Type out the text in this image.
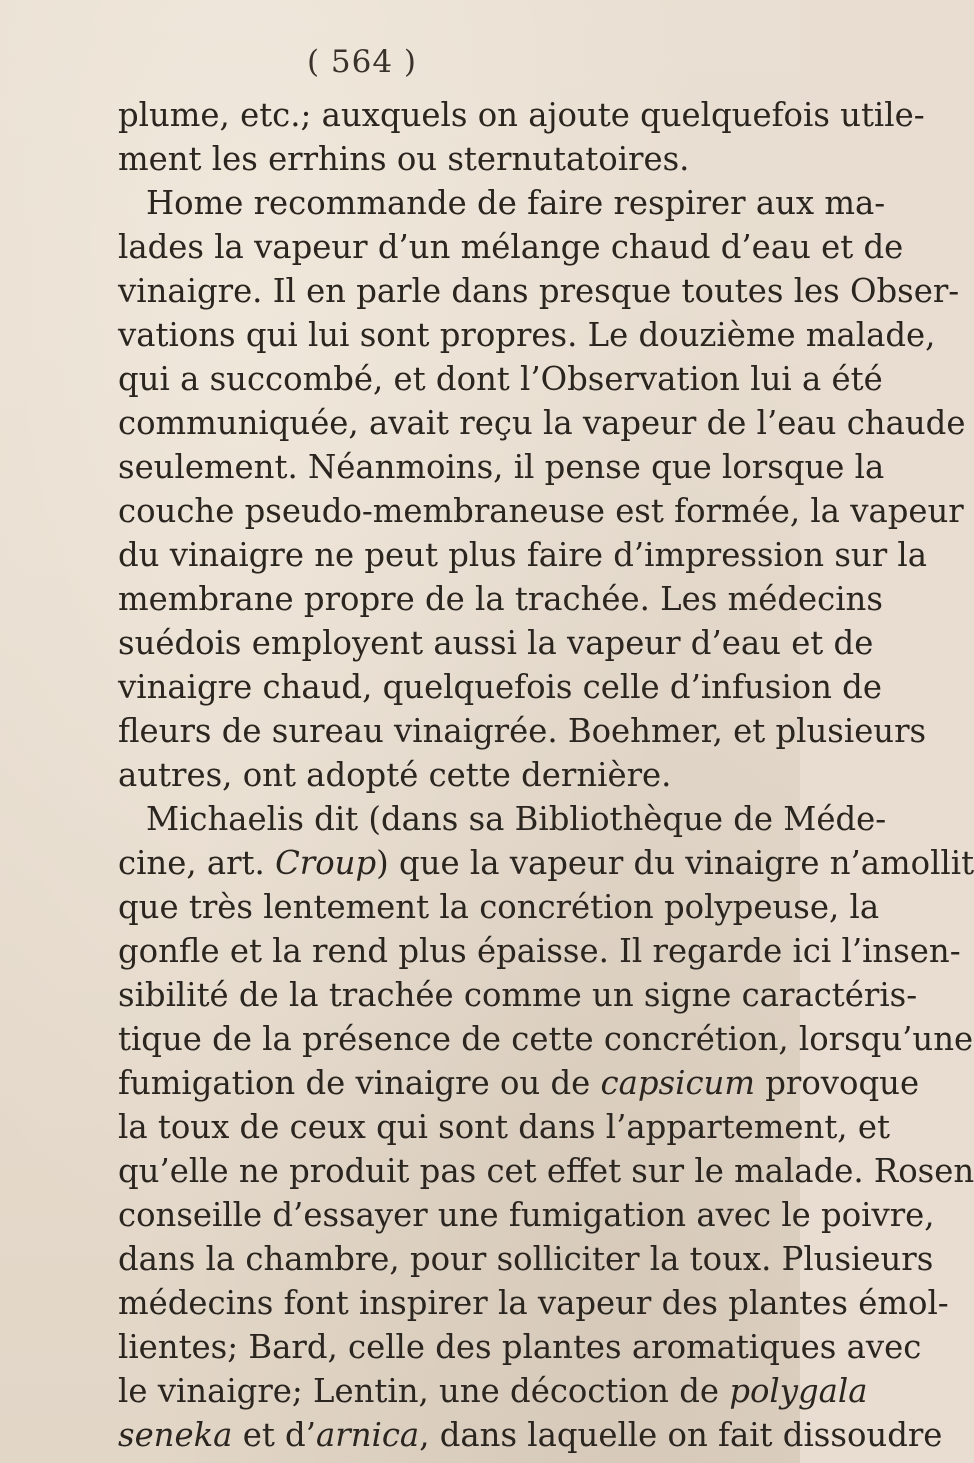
( 564 )
plume, etc.; auxquels on ajoute quelquefois utile-
ment les errhins ou sternutatoires.
Home recommande de faire respirer aux ma-
lades la vapeur d’un mélange chaud d’eau et de
vinaigre. Il en parle dans presque toutes les Obser-
vations qui lui sont propres. Le douzième malade,
qui a succombé, et dont l’Observation lui a été
communiquée, avait reçu la vapeur de l’eau chaude
seulement. Néanmoins, il pense que lorsque la
couche pseudo-membraneuse est formée, la vapeur
du vinaigre ne peut plus faire d’impression sur la
membrane propre de la trachée. Les médecins
suédois employent aussi la vapeur d’eau et de
vinaigre chaud, quelquefois celle d’infusion de
fleurs de sureau vinaigrée. Boehmer, et plusieurs
autres, ont adopté cette dernière.
Michaelis dit (dans sa Bibliothèque de Méde-
cine, art. Croup) que la vapeur du vinaigre n’amollit
que très lentement la concrétion polypeuse, la
gonfle et la rend plus épaisse. Il regarde ici l’insen-
sibilité de la trachée comme un signe caractéris-
tique de la présence de cette concrétion, lorsqu’une
fumigation de vinaigre ou de capsicum provoque
la toux de ceux qui sont dans l’appartement, et
qu’elle ne produit pas cet effet sur le malade. Rosen
conseille d’essayer une fumigation avec le poivre,
dans la chambre, pour solliciter la toux. Plusieurs
médecins font inspirer la vapeur des plantes émol-
lientes; Bard, celle des plantes aromatiques avec
le vinaigre; Lentin, une décoction de polygala
seneka et d’arnica, dans laquelle on fait dissoudre
